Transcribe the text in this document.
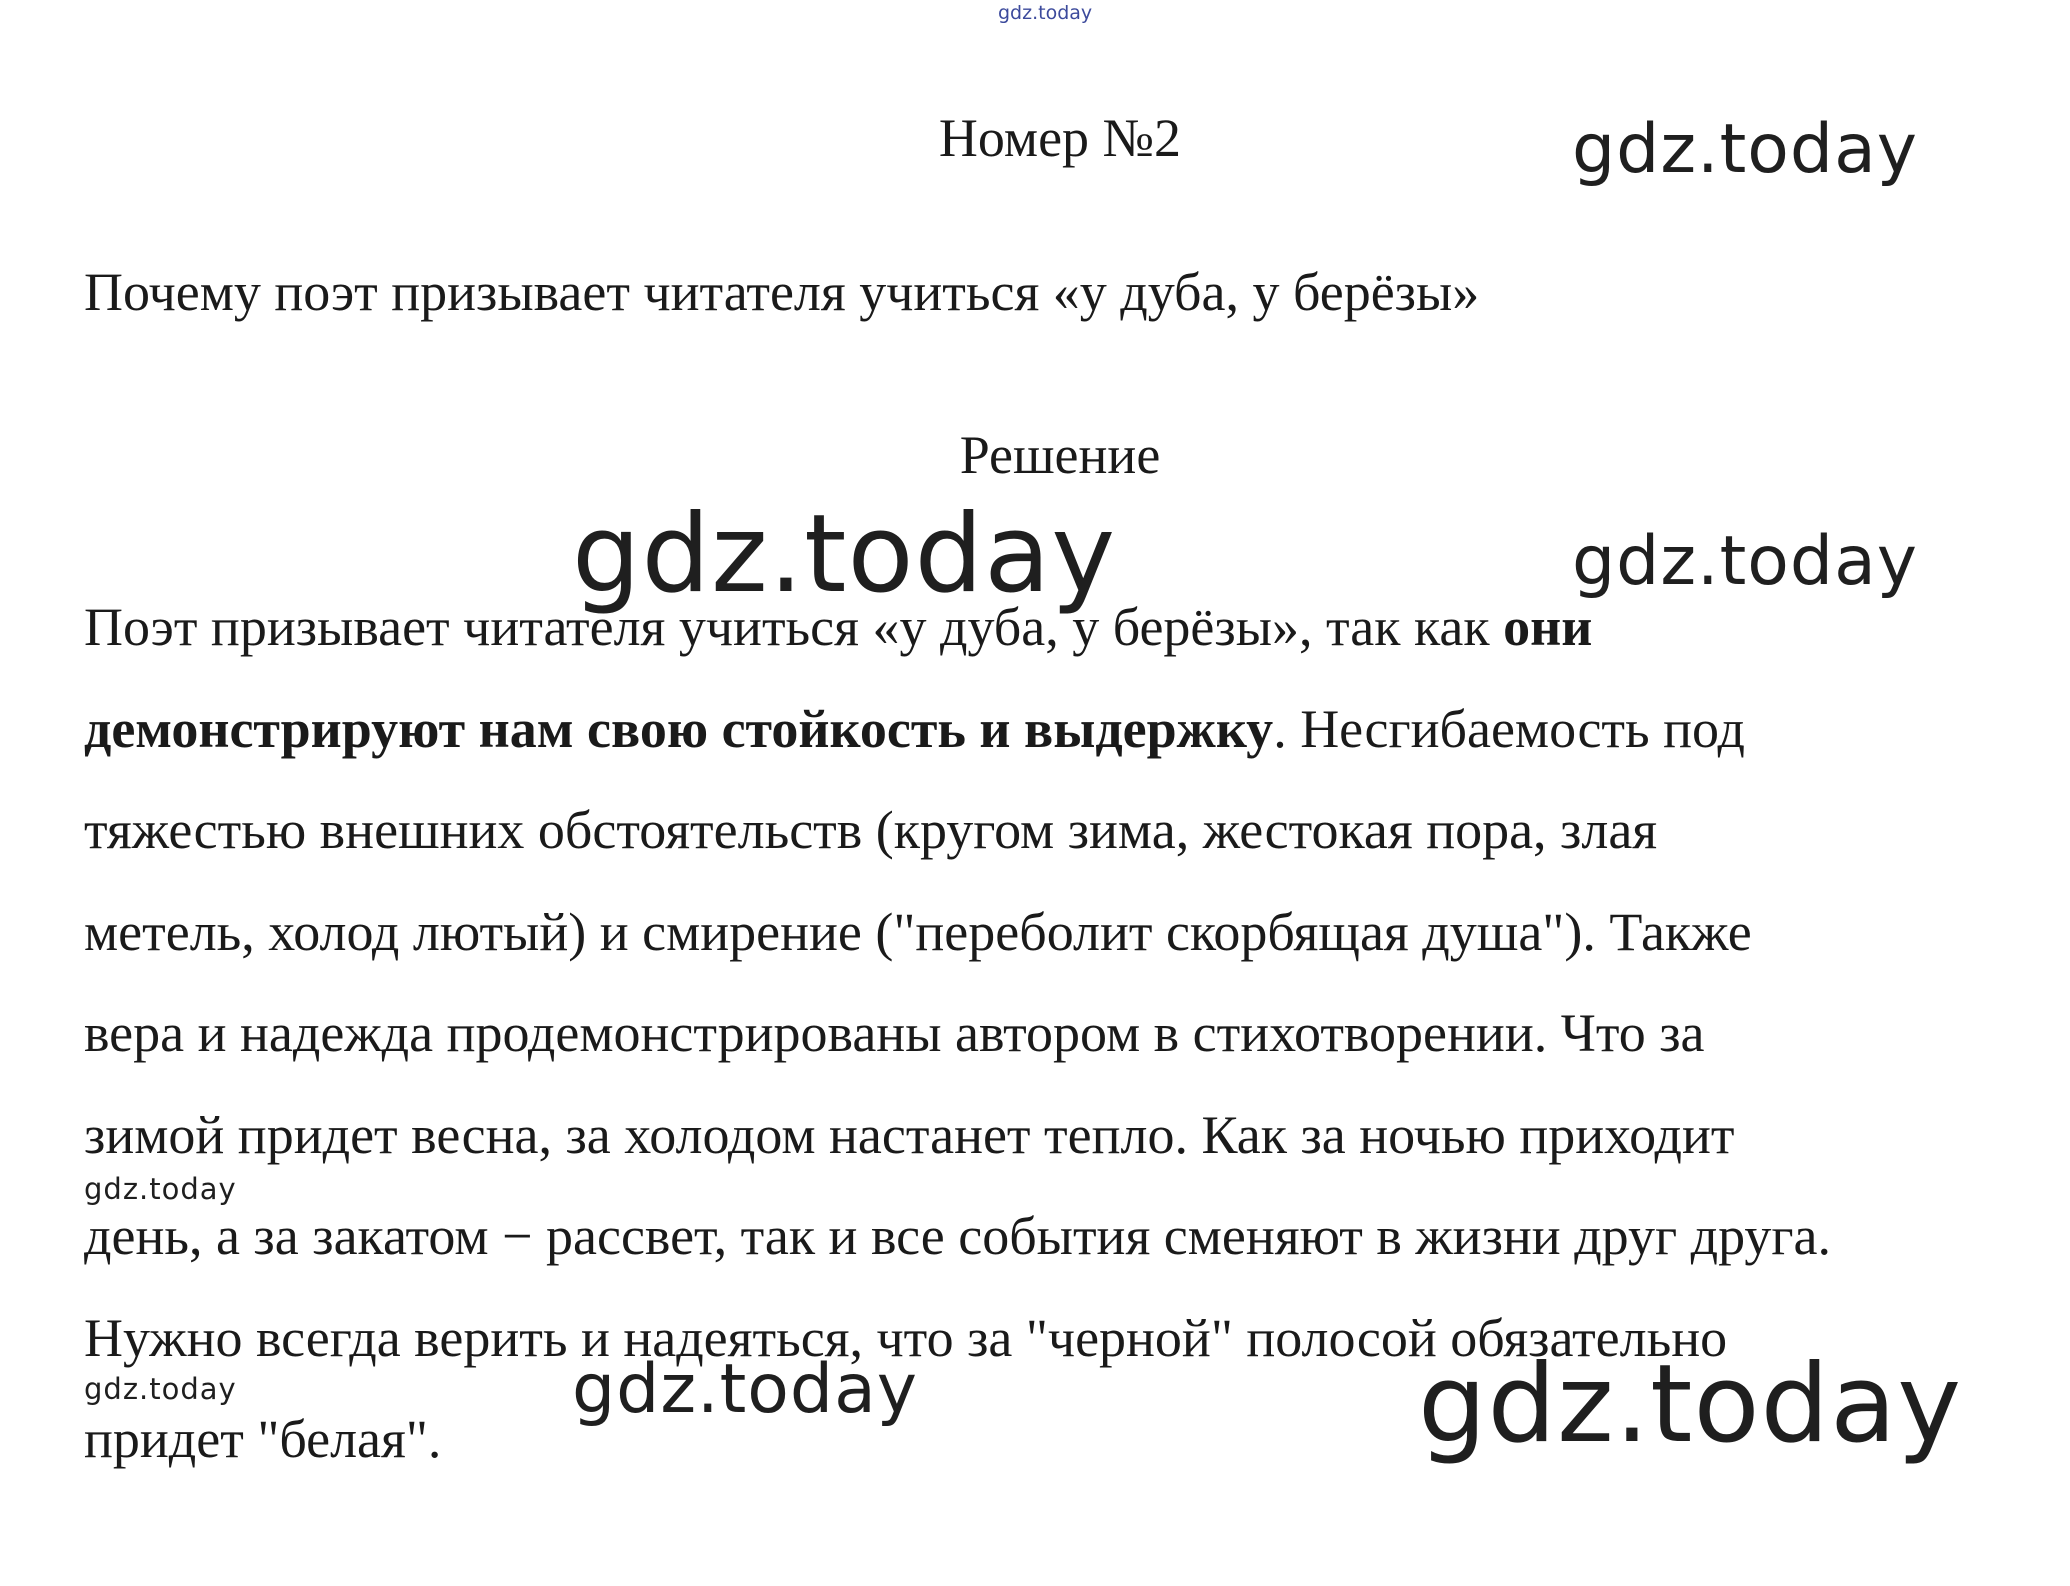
gdz.today
Номер №2	gdz.today
Почему поэт призывает читателя учиться «у дуба, у берёзы»
Решение
Поэт призывает читателя учиться «у дуба, у берёзы», так как они
демонстрируют нам свою стойкость и выдержку. Несгибаемость под
тяжестью внешних обстоятельств (кругом зима, жестокая пора, злая
метель, холод лютый) и смирение ("переболит скорбящая душа"). Также
вера и надежда продемонстрированы автором в стихотворении. Что за
зимой придет весна, за холодом настанет тепло. Как за ночью приходит
день, а за закатом − рассвет, так и все события сменяют в жизни друг друга.
Нужно всегда верить и надеяться, что за "черной" полосой обязательно
придет "белая".
gdz.today	gdz.today
gdz.today
gdz.today	gdz.today	gdz.today
